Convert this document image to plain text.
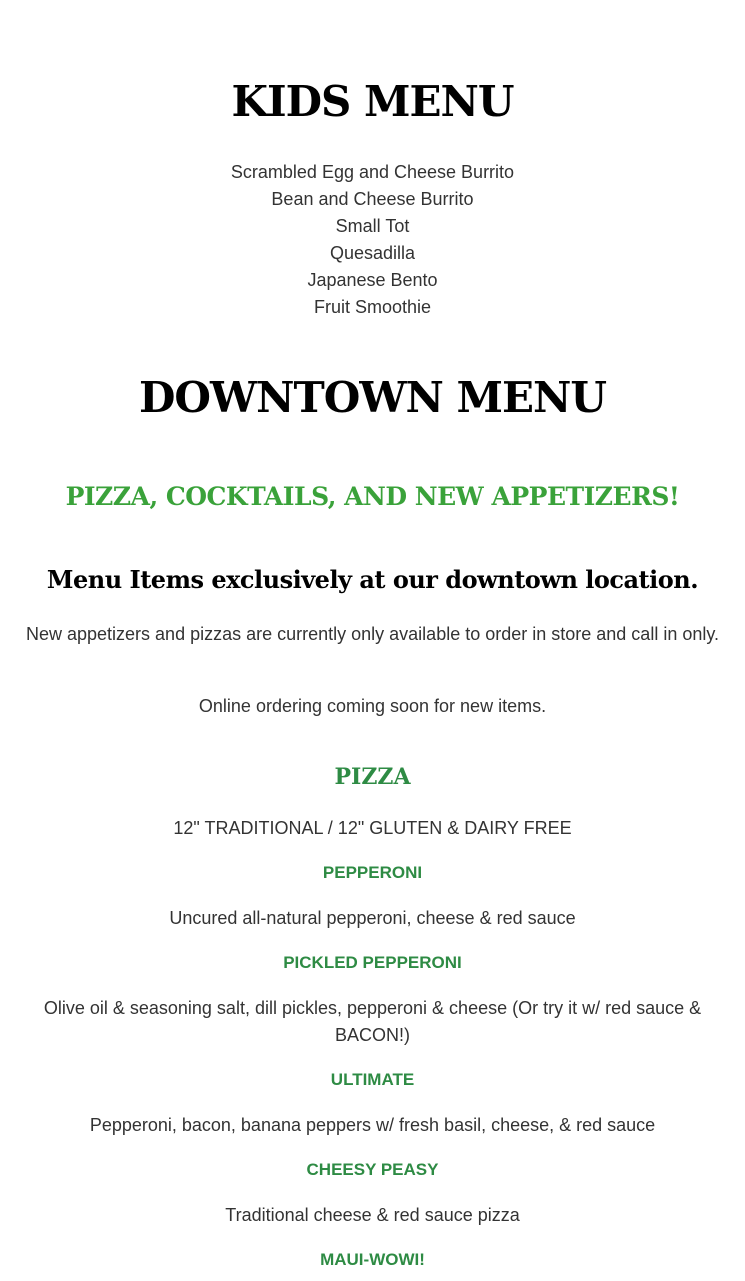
KIDS MENU
Scrambled Egg and Cheese Burrito
Bean and Cheese Burrito
Small Tot
Quesadilla
Japanese Bento
Fruit Smoothie
DOWNTOWN MENU
PIZZA, COCKTAILS, AND NEW APPETIZERS!
Menu Items exclusively at our downtown location.
New appetizers and pizzas are currently only available to order in store and call in only.
Online ordering coming soon for new items.
PIZZA
12" TRADITIONAL / 12" GLUTEN & DAIRY FREE
PEPPERONI
Uncured all-natural pepperoni, cheese & red sauce
PICKLED PEPPERONI
Olive oil & seasoning salt, dill pickles, pepperoni & cheese (Or try it w/ red sauce & BACON!)
ULTIMATE
Pepperoni, bacon, banana peppers w/ fresh basil, cheese, & red sauce
CHEESY PEASY
Traditional cheese & red sauce pizza
MAUI-WOWI!
